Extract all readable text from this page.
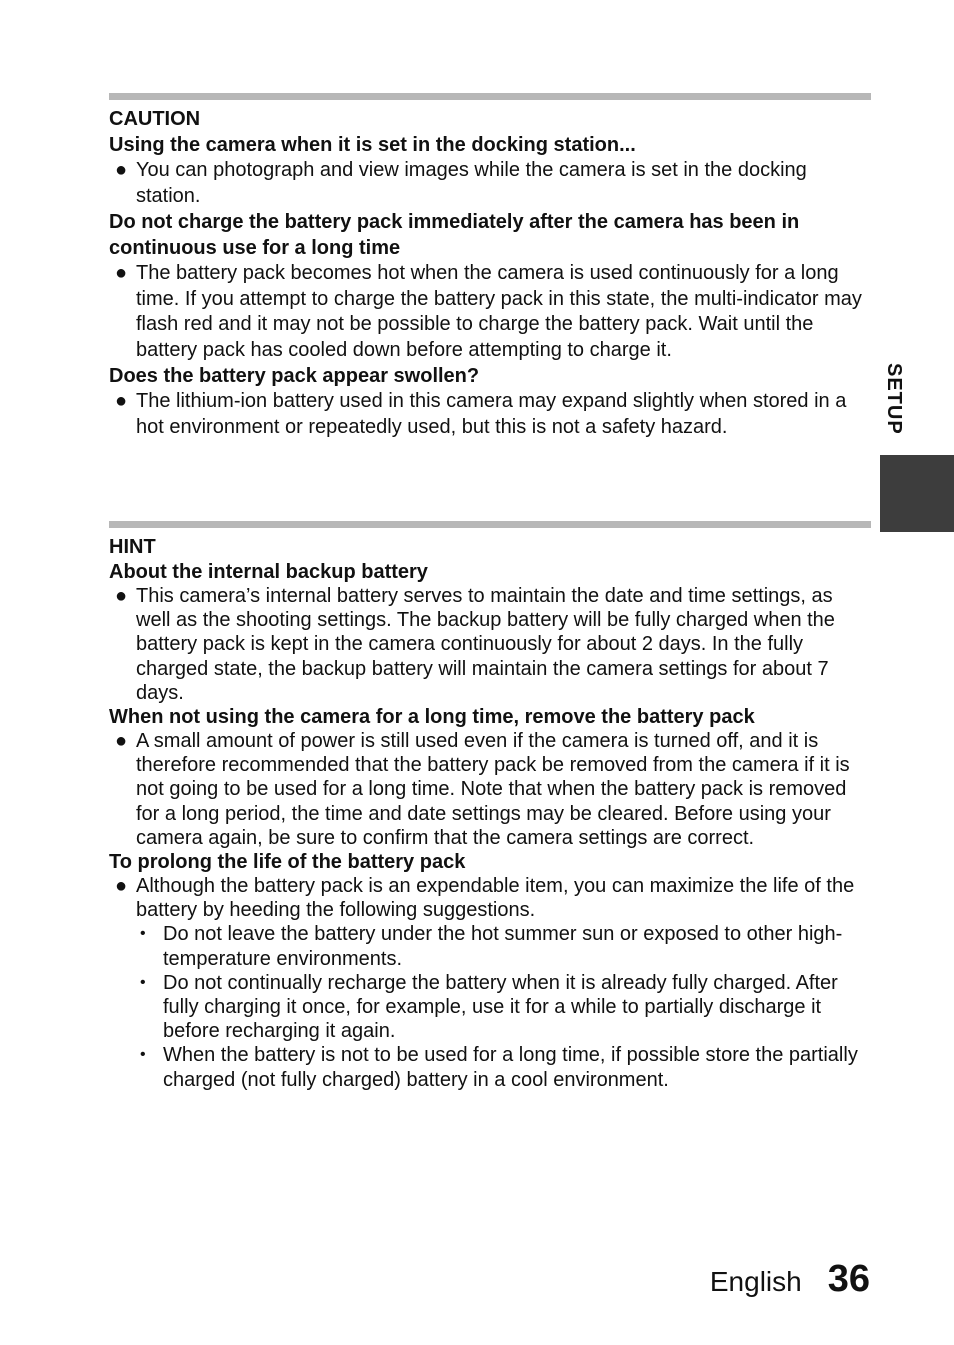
CAUTION
Using the camera when it is set in the docking station...
● You can photograph and view images while the camera is set in the docking station.
Do not charge the battery pack immediately after the camera has been in continuous use for a long time
● The battery pack becomes hot when the camera is used continuously for a long time. If you attempt to charge the battery pack in this state, the multi-indicator may flash red and it may not be possible to charge the battery pack. Wait until the battery pack has cooled down before attempting to charge it.
Does the battery pack appear swollen?
● The lithium-ion battery used in this camera may expand slightly when stored in a hot environment or repeatedly used, but this is not a safety hazard.
HINT
About the internal backup battery
● This camera’s internal battery serves to maintain the date and time settings, as well as the shooting settings. The backup battery will be fully charged when the battery pack is kept in the camera continuously for about 2 days. In the fully charged state, the backup battery will maintain the camera settings for about 7 days.
When not using the camera for a long time, remove the battery pack
● A small amount of power is still used even if the camera is turned off, and it is therefore recommended that the battery pack be removed from the camera if it is not going to be used for a long time. Note that when the battery pack is removed for a long period, the time and date settings may be cleared. Before using your camera again, be sure to confirm that the camera settings are correct.
To prolong the life of the battery pack
● Although the battery pack is an expendable item, you can maximize the life of the battery by heeding the following suggestions.
• Do not leave the battery under the hot summer sun or exposed to other high-temperature environments.
• Do not continually recharge the battery when it is already fully charged. After fully charging it once, for example, use it for a while to partially discharge it before recharging it again.
• When the battery is not to be used for a long time, if possible store the partially charged (not fully charged) battery in a cool environment.
SETUP
English 36
